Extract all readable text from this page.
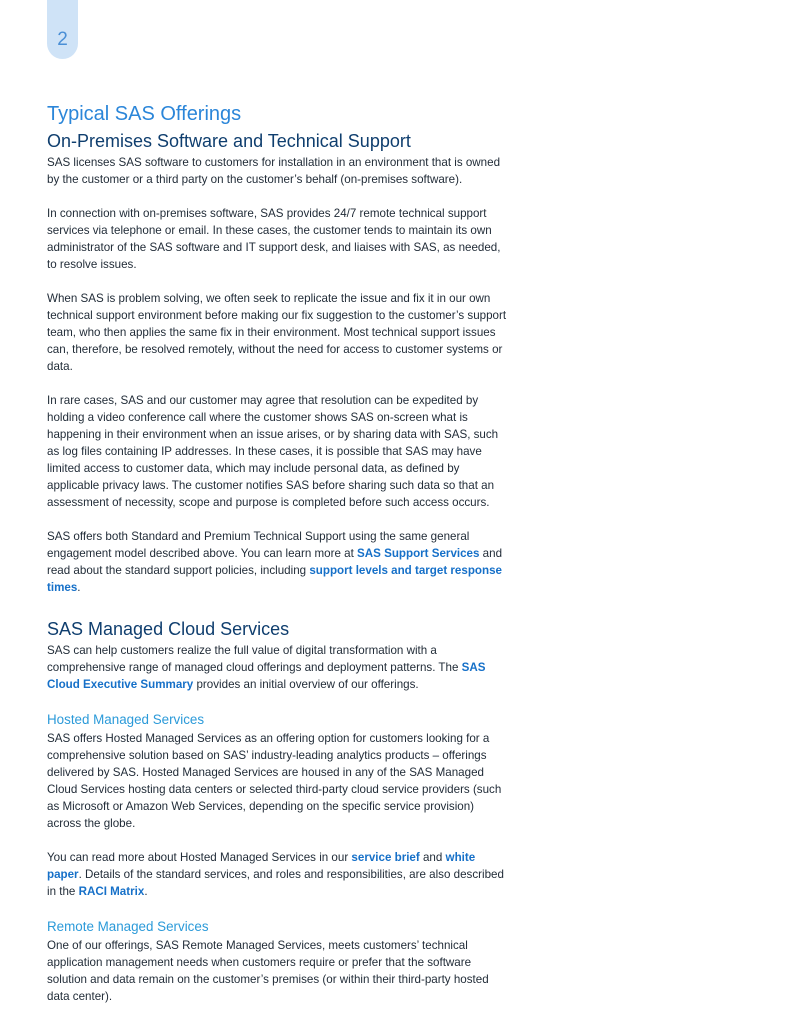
2
Typical SAS Offerings
On-Premises Software and Technical Support

SAS licenses SAS software to customers for installation in an environment that is owned by the customer or a third party on the customer’s behalf (on-premises software).

In connection with on-premises software, SAS provides 24/7 remote technical support services via telephone or email. In these cases, the customer tends to maintain its own administrator of the SAS software and IT support desk, and liaises with SAS, as needed, to resolve issues.

When SAS is problem solving, we often seek to replicate the issue and fix it in our own technical support environment before making our fix suggestion to the customer’s support team, who then applies the same fix in their environment. Most technical support issues can, therefore, be resolved remotely, without the need for access to customer systems or data.

In rare cases, SAS and our customer may agree that resolution can be expedited by holding a video conference call where the customer shows SAS on-screen what is happening in their environment when an issue arises, or by sharing data with SAS, such as log files containing IP addresses. In these cases, it is possible that SAS may have limited access to customer data, which may include personal data, as defined by applicable privacy laws. The customer notifies SAS before sharing such data so that an assessment of necessity, scope and purpose is completed before such access occurs.

SAS offers both Standard and Premium Technical Support using the same general engagement model described above. You can learn more at SAS Support Services and read about the standard support policies, including support levels and target response times.

SAS Managed Cloud Services

SAS can help customers realize the full value of digital transformation with a comprehensive range of managed cloud offerings and deployment patterns. The SAS Cloud Executive Summary provides an initial overview of our offerings.

Hosted Managed Services

SAS offers Hosted Managed Services as an offering option for customers looking for a comprehensive solution based on SAS’ industry-leading analytics products – offerings delivered by SAS. Hosted Managed Services are housed in any of the SAS Managed Cloud Services hosting data centers or selected third-party cloud service providers (such as Microsoft or Amazon Web Services, depending on the specific service provision) across the globe.

You can read more about Hosted Managed Services in our service brief and white paper. Details of the standard services, and roles and responsibilities, are also described in the RACI Matrix.

Remote Managed Services

One of our offerings, SAS Remote Managed Services, meets customers’ technical application management needs when customers require or prefer that the software solution and data remain on the customer’s premises (or within their third-party hosted data center).
